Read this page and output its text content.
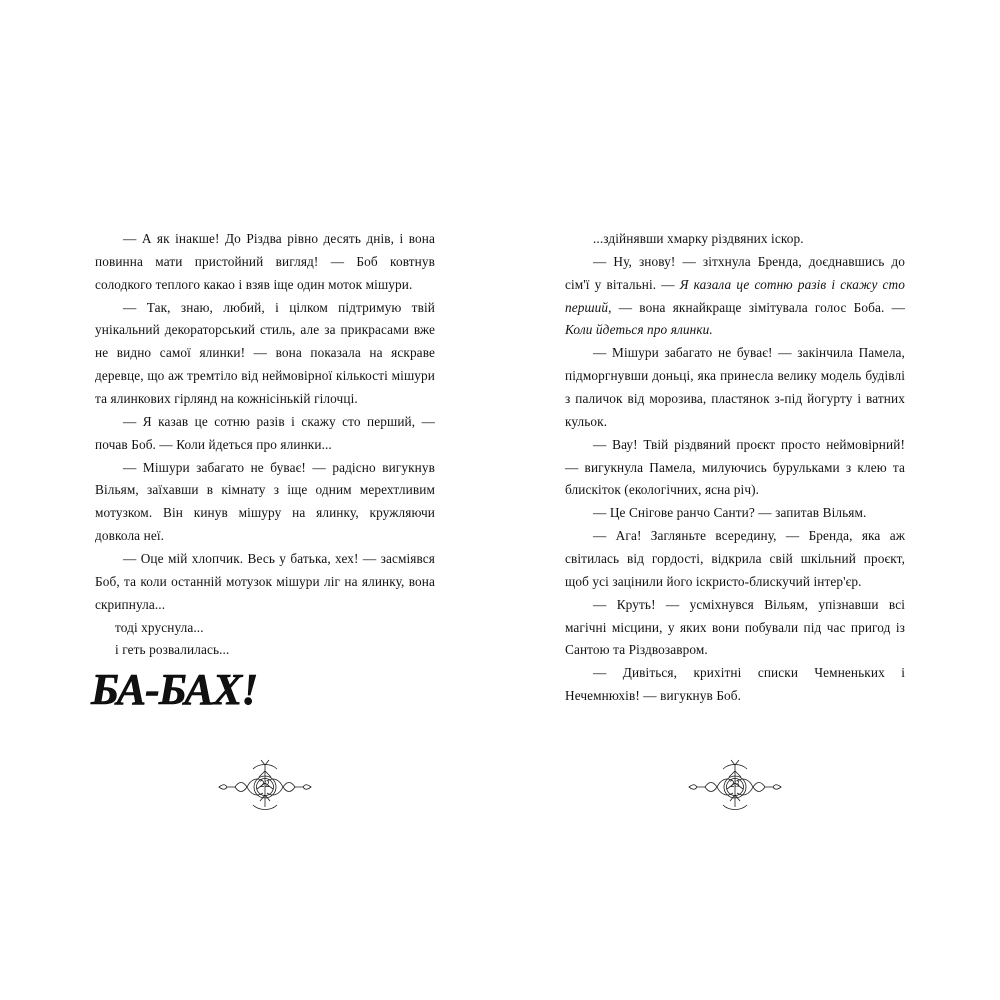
— А як інакше! До Різдва рівно десять днів, і вона повинна мати пристойний вигляд! — Боб ковтнув солодкого теплого какао і взяв іще один моток мішури.

— Так, знаю, любий, і цілком підтримую твій унікальний декораторський стиль, але за прикрасами вже не видно самої ялинки! — вона показала на яскраве деревце, що аж тремтіло від неймовірної кількості мішури та ялинкових гірлянд на кожнісінькій гілочці.

— Я казав це сотню разів і скажу сто перший, — почав Боб. — Коли йдеться про ялинки...

— Мішури забагато не буває! — радісно вигукнув Вільям, заїхавши в кімнату з іще одним мерехтливим мотузком. Він кинув мішуру на ялинку, кружляючи довкола неї.

— Оце мій хлопчик. Весь у батька, хех! — засміявся Боб, та коли останній мотузок мішури ліг на ялинку, вона скрипнула...

тоді хруснула...

і геть розвалилась...

БА-БАХ!

22

...здійнявши хмарку різдвяних іскор.

— Ну, знову! — зітхнула Бренда, доєднавшись до сім'ї у вітальні. — Я казала це сотню разів і скажу сто перший, — вона якнайкраще зімітувала голос Боба. — Коли йдеться про ялинки.

— Мішури забагато не буває! — закінчила Памела, підморгнувши доньці, яка принесла велику модель будівлі з паличок від морозива, пластянок з-під йогурту і ватних кульок.

— Вау! Твій різдвяний проєкт просто неймовірний! — вигукнула Памела, милуючись бурульками з клею та блискіток (екологічних, ясна річ).

— Це Снігове ранчо Санти? — запитав Вільям.

— Ага! Загляньте всередину, — Бренда, яка аж світилась від гордості, відкрила свій шкільний проєкт, щоб усі зацінили його іскристо-блискучий інтер'єр.

— Круть! — усміхнувся Вільям, упізнавши всі магічні місцини, у яких вони побували під час пригод із Сантою та Різдвозавром.

— Дивіться, крихітні списки Чемненьких і Нечемнюхів! — вигукнув Боб.

23
